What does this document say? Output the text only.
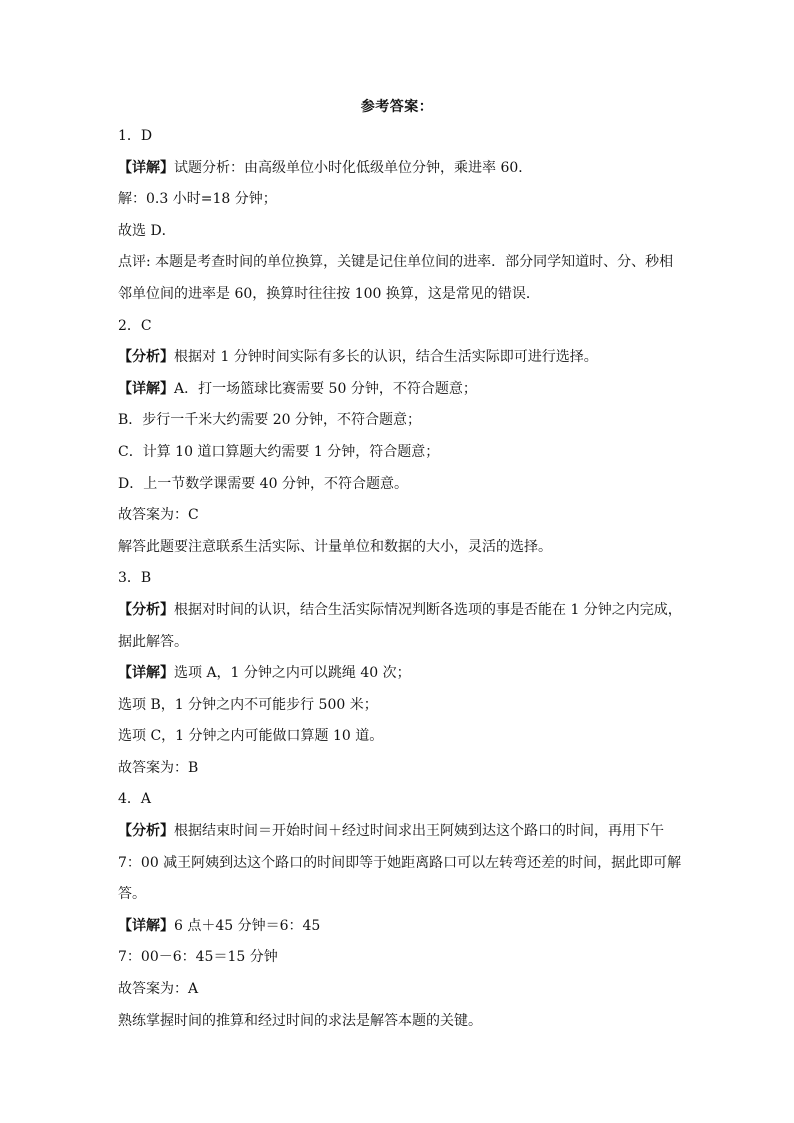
参考答案：
1．D
【详解】试题分析：由高级单位小时化低级单位分钟，乘进率 60．
解：0.3 小时=18 分钟；
故选 D．
点评: 本题是考查时间的单位换算，关键是记住单位间的进率．部分同学知道时、分、秒相
邻单位间的进率是 60，换算时往往按 100 换算，这是常见的错误．
2．C
【分析】根据对 1 分钟时间实际有多长的认识，结合生活实际即可进行选择。
【详解】A．打一场篮球比赛需要 50 分钟，不符合题意；
B．步行一千米大约需要 20 分钟，不符合题意；
C．计算 10 道口算题大约需要 1 分钟，符合题意；
D．上一节数学课需要 40 分钟，不符合题意。
故答案为：C
解答此题要注意联系生活实际、计量单位和数据的大小，灵活的选择。
3．B
【分析】根据对时间的认识，结合生活实际情况判断各选项的事是否能在 1 分钟之内完成，
据此解答。
【详解】选项 A，1 分钟之内可以跳绳 40 次；
选项 B，1 分钟之内不可能步行 500 米；
选项 C，1 分钟之内可能做口算题 10 道。
故答案为：B
4．A
【分析】根据结束时间＝开始时间＋经过时间求出王阿姨到达这个路口的时间，再用下午
7：00 减王阿姨到达这个路口的时间即等于她距离路口可以左转弯还差的时间，据此即可解
答。
【详解】6 点＋45 分钟＝6：45
7：00－6：45＝15 分钟
故答案为：A
熟练掌握时间的推算和经过时间的求法是解答本题的关键。
